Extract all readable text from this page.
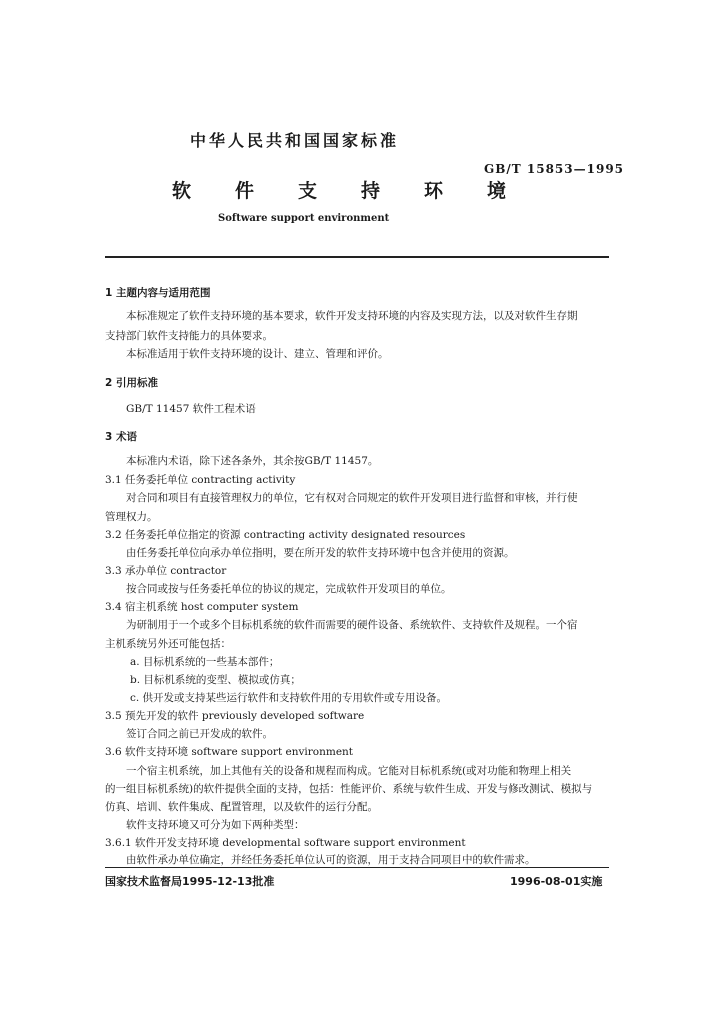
中华人民共和国国家标准
GB/T 15853—1995
软件支持环境
Software support environment
1 主题内容与适用范围
本标准规定了软件支持环境的基本要求，软件开发支持环境的内容及实现方法，以及对软件生存期
支持部门软件支持能力的具体要求。
本标准适用于软件支持环境的设计、建立、管理和评价。
2 引用标准
GB/T 11457 软件工程术语
3 术语
本标准内术语，除下述各条外，其余按GB/T 11457。
3.1 任务委托单位 contracting activity
对合同和项目有直接管理权力的单位，它有权对合同规定的软件开发项目进行监督和审核，并行使
管理权力。
3.2 任务委托单位指定的资源 contracting activity designated resources
由任务委托单位向承办单位指明，要在所开发的软件支持环境中包含并使用的资源。
3.3 承办单位 contractor
按合同或按与任务委托单位的协议的规定，完成软件开发项目的单位。
3.4 宿主机系统 host computer system
为研制用于一个或多个目标机系统的软件而需要的硬件设备、系统软件、支持软件及规程。一个宿
主机系统另外还可能包括：
a. 目标机系统的一些基本部件；
b. 目标机系统的变型、模拟或仿真；
c. 供开发或支持某些运行软件和支持软件用的专用软件或专用设备。
3.5 预先开发的软件 previously developed software
签订合同之前已开发成的软件。
3.6 软件支持环境 software support environment
一个宿主机系统，加上其他有关的设备和规程而构成。它能对目标机系统(或对功能和物理上相关
的一组目标机系统)的软件提供全面的支持，包括：性能评价、系统与软件生成、开发与修改测试、模拟与
仿真、培训、软件集成、配置管理，以及软件的运行分配。
软件支持环境又可分为如下两种类型：
3.6.1 软件开发支持环境 developmental software support environment
由软件承办单位确定，并经任务委托单位认可的资源，用于支持合同项目中的软件需求。
国家技术监督局1995-12-13批准	1996-08-01实施
